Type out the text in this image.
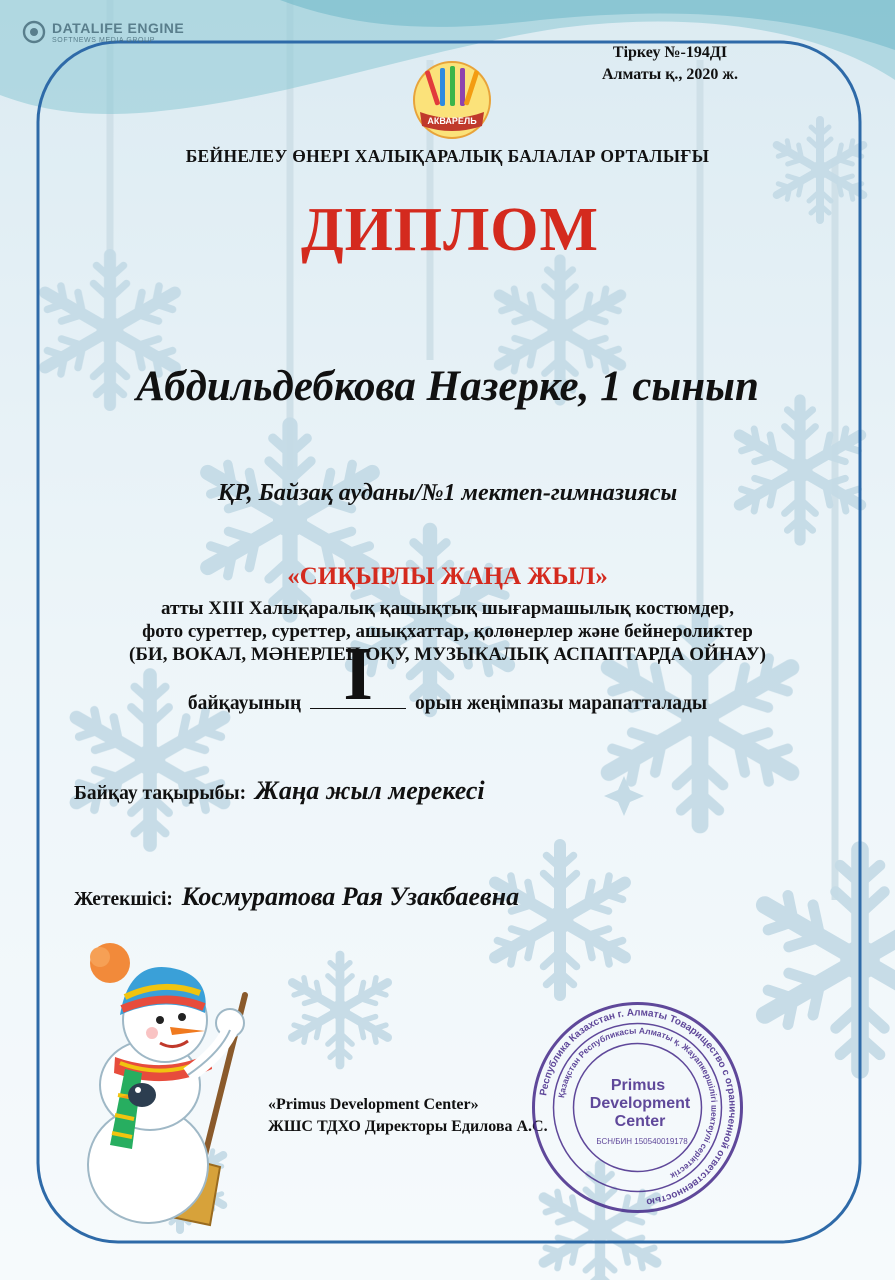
DATALIFE ENGINE
SOFTNEWS MEDIA GROUP
Тіркеу №-194ДІ
Алматы қ., 2020 ж.
АКВАРЕЛЬ
БЕЙНЕЛЕУ ӨНЕРІ ХАЛЫҚАРАЛЫҚ БАЛАЛАР ОРТАЛЫҒЫ
ДИПЛОМ
Абдильдебкова Назерке, 1 сынып
ҚР, Байзақ ауданы/№1 мектеп-гимназиясы
«СИҚЫРЛЫ ЖАҢА ЖЫЛ»
атты XIII Халықаралық қашықтық шығармашылық костюмдер,
фото суреттер, суреттер, ашықхаттар, қолөнерлер және бейнероликтер
(БИ, ВОКАЛ, МӘНЕРЛЕП ОҚУ, МУЗЫКАЛЫҚ АСПАПТАРДА ОЙНАУ)
байқауының I	орын жеңімпазы марапатталады
Байқау тақырыбы: Жаңа жыл мерекесі
Жетекшісі: Космуратова Рая Узакбаевна
«Primus Development Center»
ЖШС ТДХО Директоры Едилова А.С.
Республика Казахстан г. Алматы Товарищество с ограниченной ответственностью
Қазақстан Республикасы Алматы қ. Жауапкершілігі шектеулі серіктестік
Primus
Development
Center
БСН/БИН 150540019178
